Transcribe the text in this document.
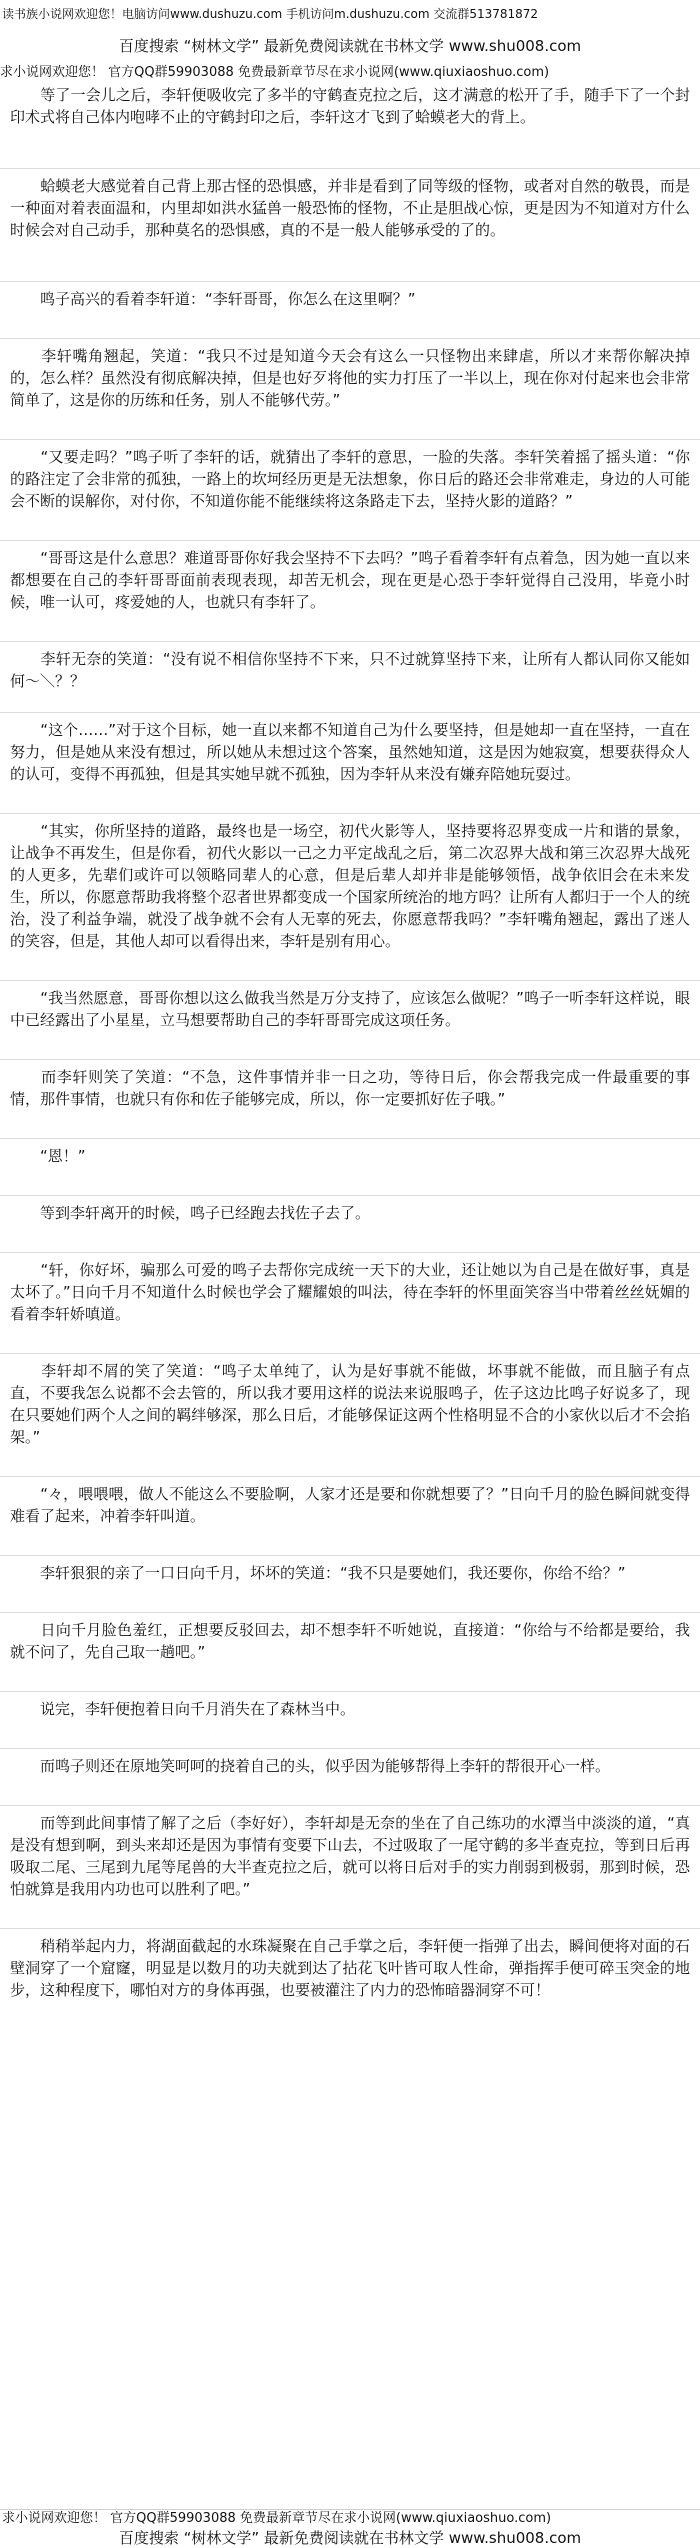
读书族小说网欢迎您！电脑访问www.dushuzu.com 手机访问m.dushuzu.com 交流群513781872
百度搜索 “树林文学” 最新免费阅读就在书林文学 www.shu008.com
求小说网欢迎您！ 官方QQ群59903088 免费最新章节尽在求小说网(www.qiuxiaoshuo.com)

　　等了一会儿之后，李轩便吸收完了多半的守鹤查克拉之后，这才满意的松开了手，随手下了一个封印术式将自己体内咆哮不止的守鹤封印之后，李轩这才飞到了蛤蟆老大的背上。

　　蛤蟆老大感觉着自己背上那古怪的恐惧感，并非是看到了同等级的怪物，或者对自然的敬畏，而是一种面对着表面温和，内里却如洪水猛兽一般恐怖的怪物，不止是胆战心惊，更是因为不知道对方什么时候会对自己动手，那种莫名的恐惧感，真的不是一般人能够承受的了的。

　　鸣子高兴的看着李轩道：“李轩哥哥，你怎么在这里啊？”

　　李轩嘴角翘起，笑道：“我只不过是知道今天会有这么一只怪物出来肆虐，所以才来帮你解决掉的，怎么样？虽然没有彻底解决掉，但是也好歹将他的实力打压了一半以上，现在你对付起来也会非常简单了，这是你的历练和任务，别人不能够代劳。”

　　“又要走吗？”鸣子听了李轩的话，就猜出了李轩的意思，一脸的失落。李轩笑着摇了摇头道：“你的路注定了会非常的孤独，一路上的坎坷经历更是无法想象，你日后的路还会非常难走，身边的人可能会不断的误解你，对付你，不知道你能不能继续将这条路走下去，坚持火影的道路？”

　　“哥哥这是什么意思？难道哥哥你好我会坚持不下去吗？”鸣子看着李轩有点着急，因为她一直以来都想要在自己的李轩哥哥面前表现表现，却苦无机会，现在更是心恐于李轩觉得自己没用，毕竟小时候，唯一认可，疼爱她的人，也就只有李轩了。

　　李轩无奈的笑道：“没有说不相信你坚持不下来，只不过就算坚持下来，让所有人都认同你又能如何～＼？？

　　“这个……”对于这个目标，她一直以来都不知道自己为什么要坚持，但是她却一直在坚持，一直在努力，但是她从来没有想过，所以她从未想过这个答案，虽然她知道，这是因为她寂寞，想要获得众人的认可，变得不再孤独，但是其实她早就不孤独，因为李轩从来没有嫌弃陪她玩耍过。

　　“其实，你所坚持的道路，最终也是一场空，初代火影等人，坚持要将忍界变成一片和谐的景象，让战争不再发生，但是你看，初代火影以一己之力平定战乱之后，第二次忍界大战和第三次忍界大战死的人更多，先辈们或许可以领略同辈人的心意，但是后辈人却并非是能够领悟，战争依旧会在未来发生，所以，你愿意帮助我将整个忍者世界都变成一个国家所统治的地方吗？让所有人都归于一个人的统治，没了利益争端，就没了战争就不会有人无辜的死去，你愿意帮我吗？”李轩嘴角翘起，露出了迷人的笑容，但是，其他人却可以看得出来，李轩是别有用心。

　　“我当然愿意，哥哥你想以这么做我当然是万分支持了，应该怎么做呢？”鸣子一听李轩这样说，眼中已经露出了小星星，立马想要帮助自己的李轩哥哥完成这项任务。

　　而李轩则笑了笑道：“不急，这件事情并非一日之功，等待日后，你会帮我完成一件最重要的事情，那件事情，也就只有你和佐子能够完成，所以，你一定要抓好佐子哦。”

　　“恩！”

　　等到李轩离开的时候，鸣子已经跑去找佐子去了。

　　“轩，你好坏，骗那么可爱的鸣子去帮你完成统一天下的大业，还让她以为自己是在做好事，真是太坏了。”日向千月不知道什么时候也学会了耀耀娘的叫法，待在李轩的怀里面笑容当中带着丝丝妩媚的看着李轩娇嗔道。

　　李轩却不屑的笑了笑道：“鸣子太单纯了，认为是好事就不能做，坏事就不能做，而且脑子有点直，不要我怎么说都不会去管的，所以我才要用这样的说法来说服鸣子，佐子这边比鸣子好说多了，现在只要她们两个人之间的羁绊够深，那么日后，才能够保证这两个性格明显不合的小家伙以后才不会掐架。”

　　“々，喂喂喂，做人不能这么不要脸啊，人家才还是要和你就想要了？”日向千月的脸色瞬间就变得难看了起来，冲着李轩叫道。

　　李轩狠狠的亲了一口日向千月，坏坏的笑道：“我不只是要她们，我还要你，你给不给？”

　　日向千月脸色羞红，正想要反驳回去，却不想李轩不听她说，直接道：“你给与不给都是要给，我就不问了，先自己取一趟吧。”

　　说完，李轩便抱着日向千月消失在了森林当中。

　　而鸣子则还在原地笑呵呵的挠着自己的头，似乎因为能够帮得上李轩的帮很开心一样。

　　而等到此间事情了解了之后（李好好），李轩却是无奈的坐在了自己练功的水潭当中淡淡的道，“真是没有想到啊，到头来却还是因为事情有变要下山去，不过吸取了一尾守鹤的多半查克拉，等到日后再吸取二尾、三尾到九尾等尾兽的大半查克拉之后，就可以将日后对手的实力削弱到极弱，那到时候，恐怕就算是我用内功也可以胜利了吧。”

　　稍稍举起内力，将湖面截起的水珠凝聚在自己手掌之后，李轩便一指弹了出去，瞬间便将对面的石壁洞穿了一个窟窿，明显是以数月的功夫就到达了拈花飞叶皆可取人性命，弹指挥手便可碎玉突金的地步，这种程度下，哪怕对方的身体再强，也要被灌注了内力的恐怖暗器洞穿不可！

求小说网欢迎您！ 官方QQ群59903088 免费最新章节尽在求小说网(www.qiuxiaoshuo.com)
百度搜索 “树林文学” 最新免费阅读就在书林文学 www.shu008.com
